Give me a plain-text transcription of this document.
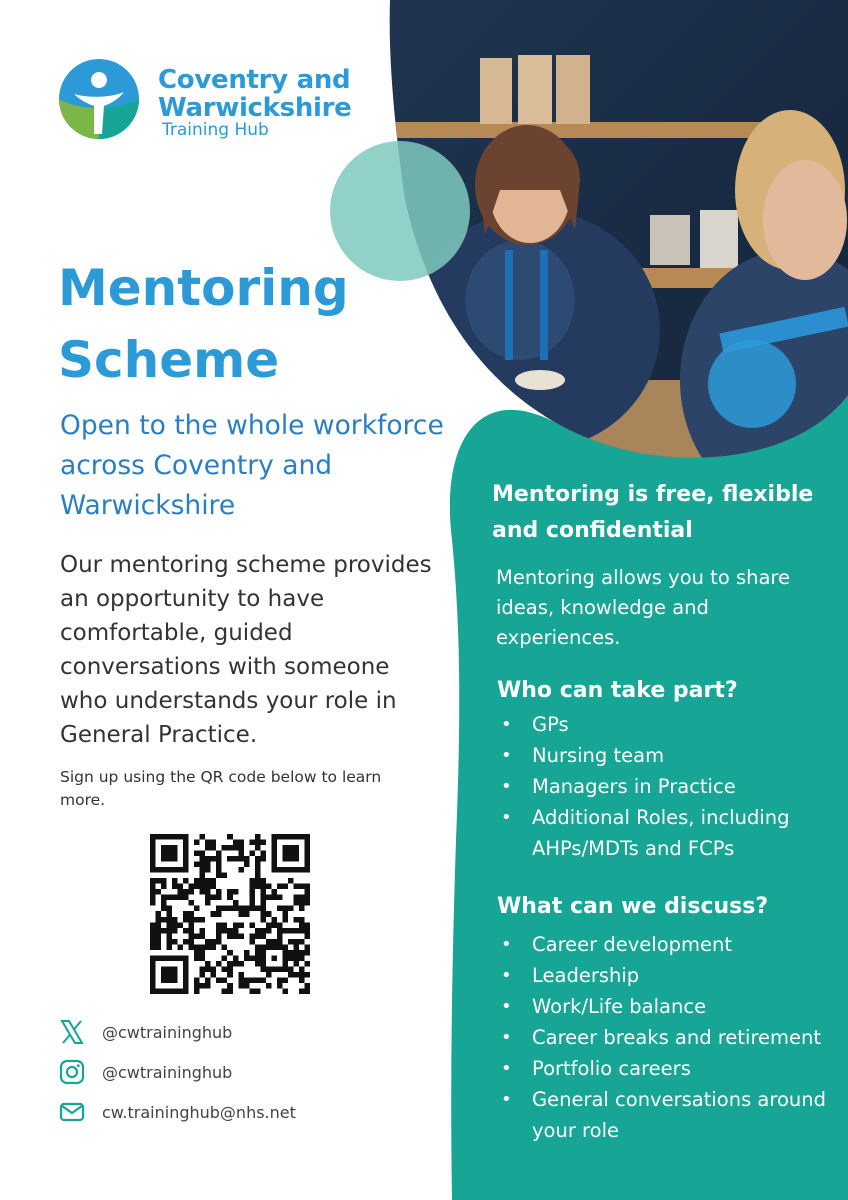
Coventry and
Warwickshire
Training Hub
Mentoring Scheme
Open to the whole workforce across Coventry and Warwickshire
Our mentoring scheme provides an opportunity to have comfortable, guided conversations with someone who understands your role in General Practice.
Sign up using the QR code below to learn more.
@cwtraininghub
@cwtraininghub
cw.traininghub@nhs.net
Mentoring is free, flexible and confidential
Mentoring allows you to share ideas, knowledge and experiences.
Who can take part?
• GPs
• Nursing team
• Managers in Practice
• Additional Roles, including AHPs/MDTs and FCPs
What can we discuss?
• Career development
• Leadership
• Work/Life balance
• Career breaks and retirement
• Portfolio careers
• General conversations around your role
